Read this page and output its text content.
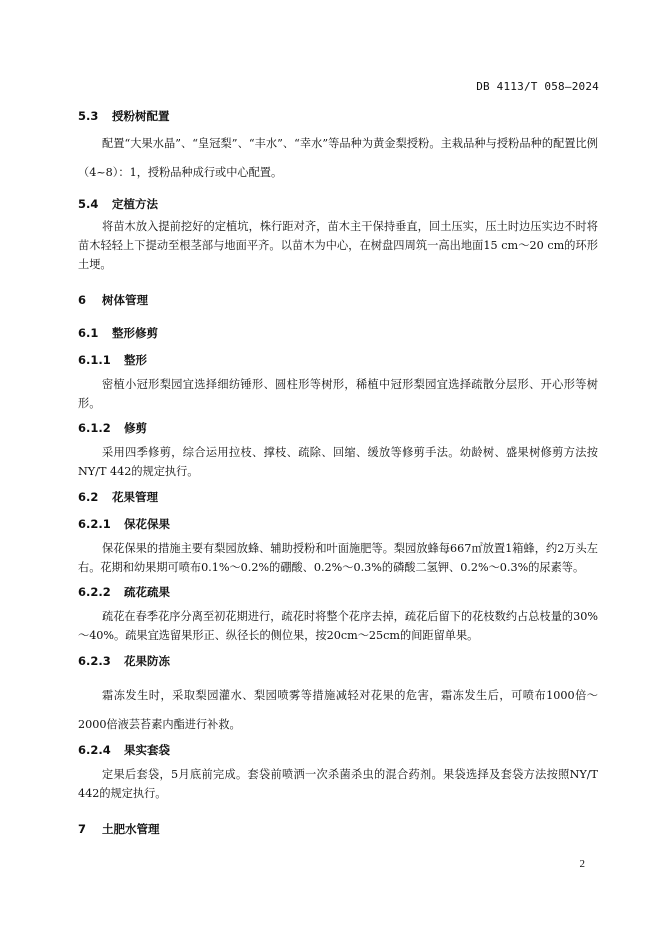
DB 4113/T 058—2024
5.3 授粉树配置
配置“大果水晶”、“皇冠梨”、“丰水”、“幸水”等品种为黄金梨授粉。主栽品种与授粉品种的配置比例（4~8）：1，授粉品种成行或中心配置。
5.4 定植方法
将苗木放入提前挖好的定植坑，株行距对齐，苗木主干保持垂直，回土压实，压土时边压实边不时将苗木轻轻上下提动至根茎部与地面平齐。以苗木为中心，在树盘四周筑一高出地面15 cm～20 cm的环形土埂。
6 树体管理
6.1 整形修剪
6.1.1 整形
密植小冠形梨园宜选择细纺锤形、圆柱形等树形，稀植中冠形梨园宜选择疏散分层形、开心形等树形。
6.1.2 修剪
采用四季修剪，综合运用拉枝、撑枝、疏除、回缩、缓放等修剪手法。幼龄树、盛果树修剪方法按NY/T 442的规定执行。
6.2 花果管理
6.2.1 保花保果
保花保果的措施主要有梨园放蜂、辅助授粉和叶面施肥等。梨园放蜂每667㎡放置1箱蜂，约2万头左右。花期和幼果期可喷布0.1%～0.2%的硼酸、0.2%～0.3%的磷酸二氢钾、0.2%～0.3%的尿素等。
6.2.2 疏花疏果
疏花在春季花序分离至初花期进行，疏花时将整个花序去掉，疏花后留下的花枝数约占总枝量的30%～40%。疏果宜选留果形正、纵径长的侧位果，按20cm～25cm的间距留单果。
6.2.3 花果防冻
霜冻发生时，采取梨园灌水、梨园喷雾等措施减轻对花果的危害，霜冻发生后，可喷布1000倍～2000倍液芸苔素内酯进行补救。
6.2.4 果实套袋
定果后套袋，5月底前完成。套袋前喷洒一次杀菌杀虫的混合药剂。果袋选择及套袋方法按照NY/T 442的规定执行。
7 土肥水管理
2
